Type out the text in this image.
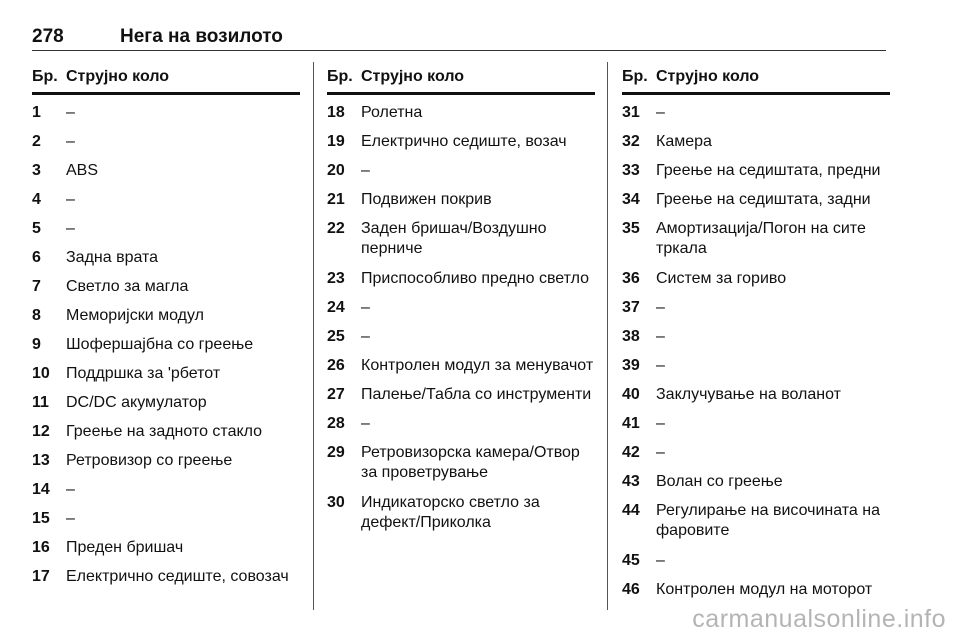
278	Нега на возилото
Бр. Струјно коло
1	–
2	–
3	ABS
4	–
5	–
6	Задна врата
7	Светло за магла
8	Меморијски модул
9	Шофершајбна со греење
10	Поддршка за 'рбетот
11	DC/DC акумулатор
12	Греење на задното стакло
13	Ретровизор со греење
14	–
15	–
16	Преден бришач
17	Електрично седиште, совозач
Бр. Струјно коло
18	Ролетна
19	Електрично седиште, возач
20	–
21	Подвижен покрив
22	Заден бришач/Воздушно перниче
23	Приспособливо предно светло
24	–
25	–
26	Контролен модул за менувачот
27	Палење/Табла со инструменти
28	–
29	Ретровизорска камера/Отвор за проветрување
30	Индикаторско светло за дефект/Приколка
Бр. Струјно коло
31	–
32	Камера
33	Греење на седиштата, предни
34	Греење на седиштата, задни
35	Амортизација/Погон на сите тркала
36	Систем за гориво
37	–
38	–
39	–
40	Заклучување на воланот
41	–
42	–
43	Волан со греење
44	Регулирање на височината на фаровите
45	–
46	Контролен модул на моторот
carmanualsonline.info
